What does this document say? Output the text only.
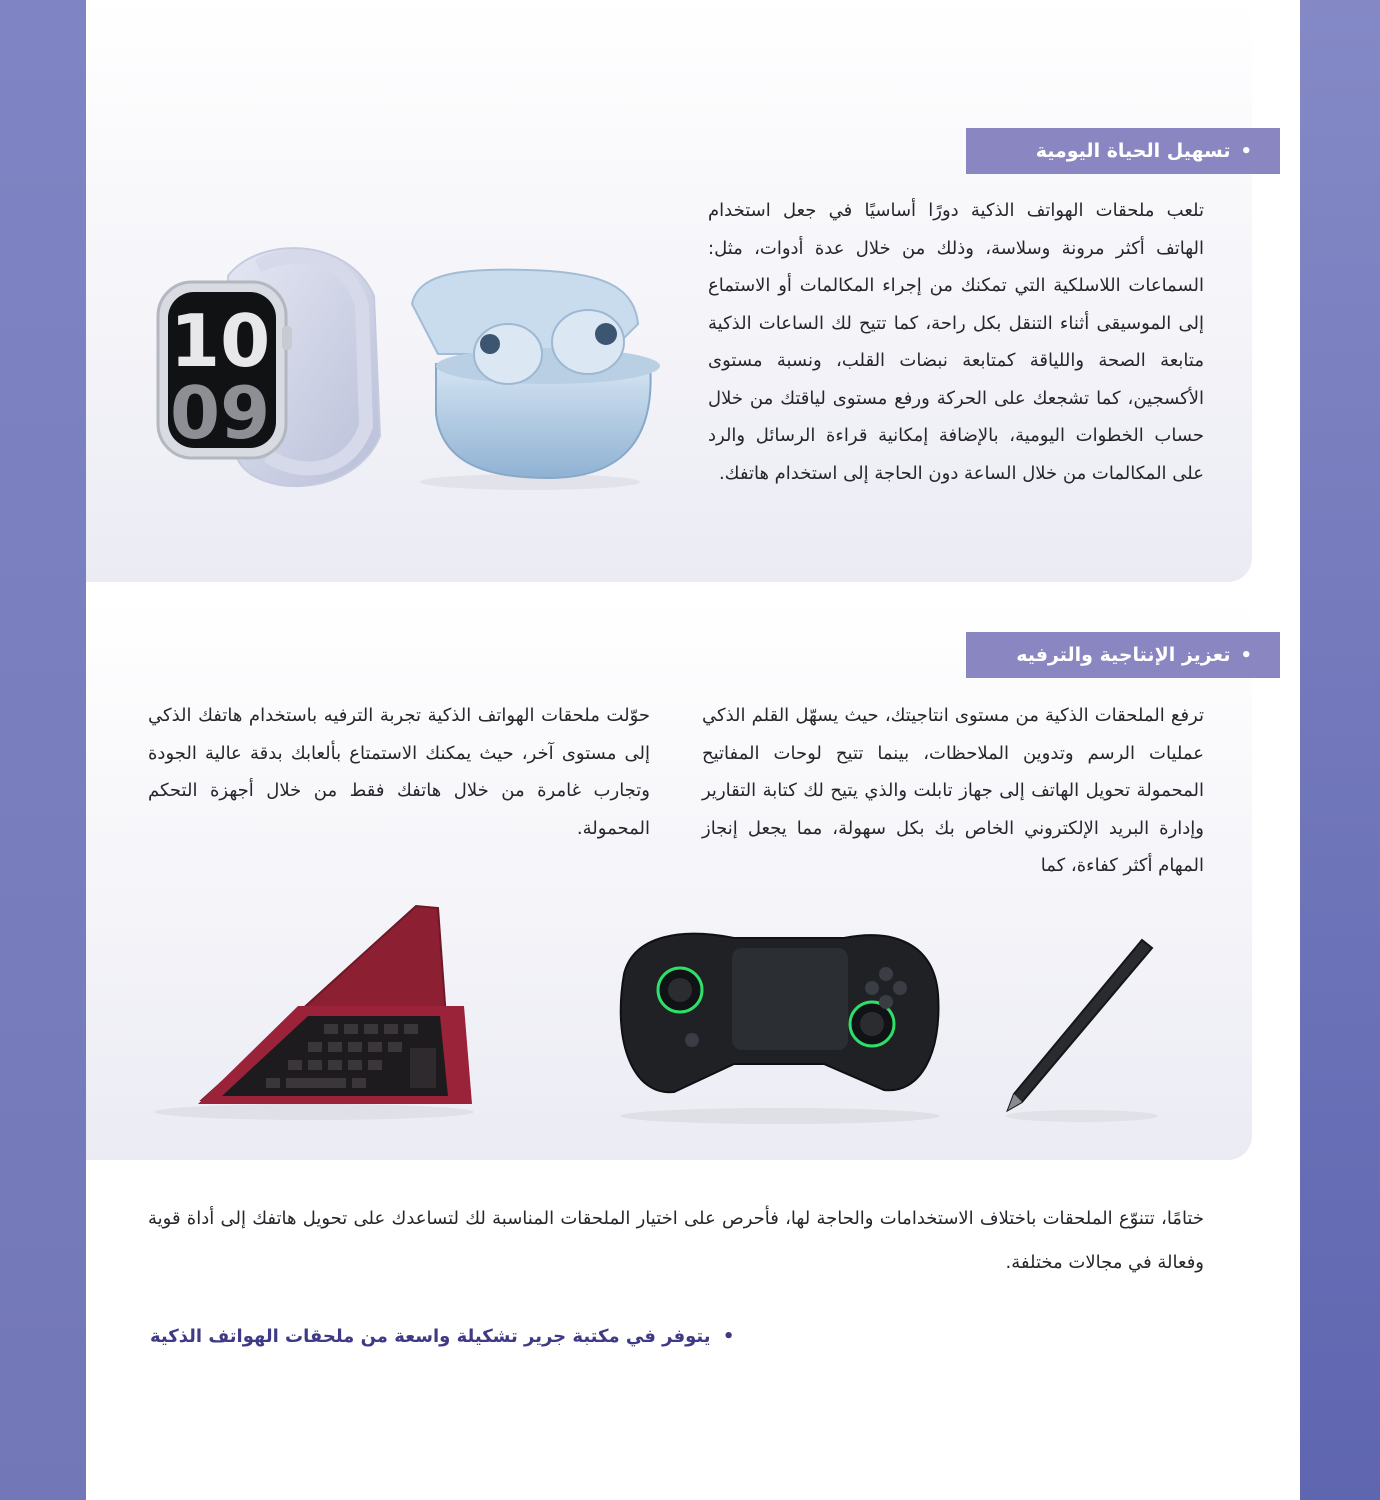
•
تسهيل الحياة اليومية
تلعب ملحقات الهواتف الذكية دورًا أساسيًا في جعل استخدام الهاتف أكثر مرونة وسلاسة، وذلك من خلال عدة أدوات، مثل: السماعات اللاسلكية التي تمكنك من إجراء المكالمات أو الاستماع إلى الموسيقى أثناء التنقل بكل راحة، كما تتيح لك الساعات الذكية متابعة الصحة واللياقة كمتابعة نبضات القلب، ونسبة مستوى الأكسجين، كما تشجعك على الحركة ورفع مستوى لياقتك من خلال حساب الخطوات اليومية، بالإضافة إمكانية قراءة الرسائل والرد على المكالمات من خلال الساعة دون الحاجة إلى استخدام هاتفك.
10
09
•
تعزيز الإنتاجية والترفيه
ترفع الملحقات الذكية من مستوى انتاجيتك، حيث يسهّل القلم الذكي عمليات الرسم وتدوين الملاحظات، بينما تتيح لوحات المفاتيح المحمولة تحويل الهاتف إلى جهاز تابلت والذي يتيح لك كتابة التقارير وإدارة البريد الإلكتروني الخاص بك بكل سهولة، مما يجعل إنجاز المهام أكثر كفاءة، كما
حوّلت ملحقات الهواتف الذكية تجربة الترفيه باستخدام هاتفك الذكي إلى مستوى آخر، حيث يمكنك الاستمتاع بألعابك بدقة عالية الجودة وتجارب غامرة من خلال هاتفك فقط من خلال أجهزة التحكم المحمولة.
ختامًا، تتنوّع الملحقات باختلاف الاستخدامات والحاجة لها، فأحرص على اختيار الملحقات المناسبة لك لتساعدك على تحويل هاتفك إلى أداة قوية وفعالة في مجالات مختلفة.
• يتوفر في مكتبة جرير تشكيلة واسعة من ملحقات الهواتف الذكية
